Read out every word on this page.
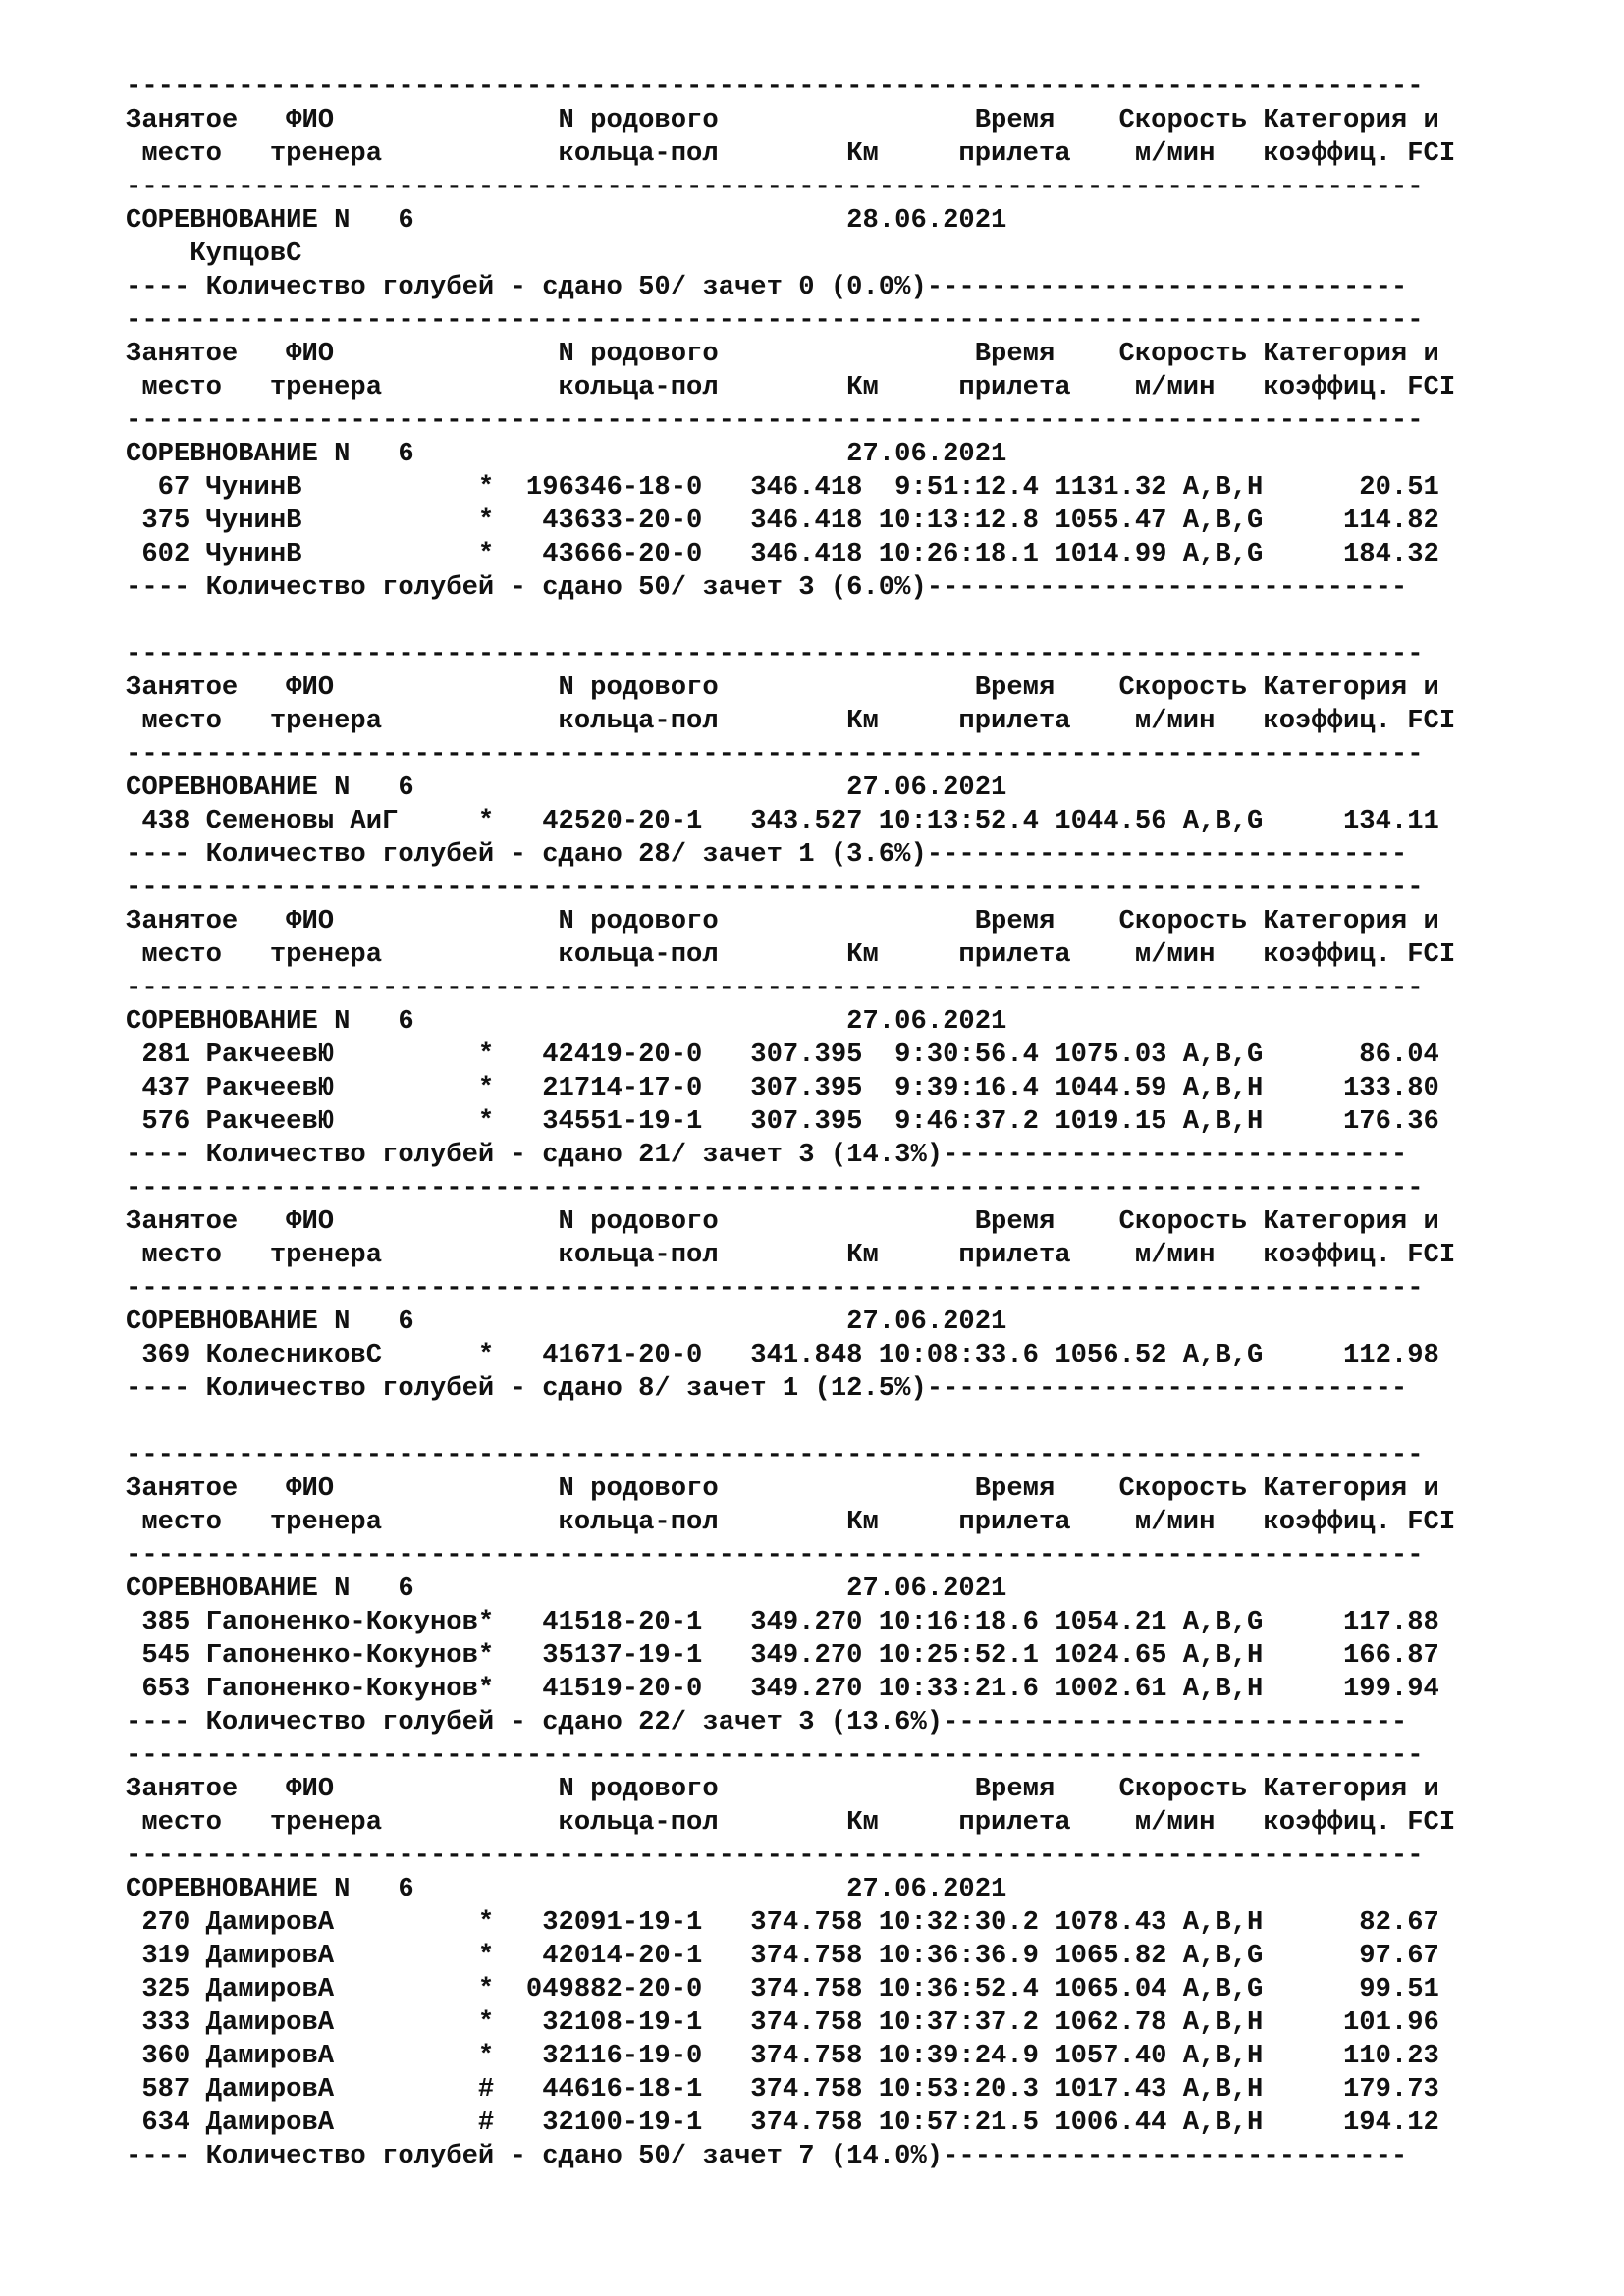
---------------------------------------------------------------------------------
Занятое   ФИО              N родового                Время    Скорость Категория и
место   тренера           кольца-пол        Км     прилета    м/мин   коэффиц. FCI
---------------------------------------------------------------------------------
СОРЕВНОВАНИЕ N   6                           28.06.2021
КупцовС
---- Количество голубей - сдано 50/ зачет 0 (0.0%)------------------------------
---------------------------------------------------------------------------------
Занятое   ФИО              N родового                Время    Скорость Категория и
место   тренера           кольца-пол        Км     прилета    м/мин   коэффиц. FCI
---------------------------------------------------------------------------------
СОРЕВНОВАНИЕ N   6                           27.06.2021
67 ЧунинВ           *  196346-18-0   346.418  9:51:12.4 1131.32 A,B,H      20.51
375 ЧунинВ           *   43633-20-0   346.418 10:13:12.8 1055.47 A,B,G     114.82
602 ЧунинВ           *   43666-20-0   346.418 10:26:18.1 1014.99 A,B,G     184.32
---- Количество голубей - сдано 50/ зачет 3 (6.0%)------------------------------
---------------------------------------------------------------------------------
Занятое   ФИО              N родового                Время    Скорость Категория и
место   тренера           кольца-пол        Км     прилета    м/мин   коэффиц. FCI
---------------------------------------------------------------------------------
СОРЕВНОВАНИЕ N   6                           27.06.2021
438 Семеновы АиГ     *   42520-20-1   343.527 10:13:52.4 1044.56 A,B,G     134.11
---- Количество голубей - сдано 28/ зачет 1 (3.6%)------------------------------
---------------------------------------------------------------------------------
Занятое   ФИО              N родового                Время    Скорость Категория и
место   тренера           кольца-пол        Км     прилета    м/мин   коэффиц. FCI
---------------------------------------------------------------------------------
СОРЕВНОВАНИЕ N   6                           27.06.2021
281 РакчеевЮ         *   42419-20-0   307.395  9:30:56.4 1075.03 A,B,G      86.04
437 РакчеевЮ         *   21714-17-0   307.395  9:39:16.4 1044.59 A,B,H     133.80
576 РакчеевЮ         *   34551-19-1   307.395  9:46:37.2 1019.15 A,B,H     176.36
---- Количество голубей - сдано 21/ зачет 3 (14.3%)-----------------------------
---------------------------------------------------------------------------------
Занятое   ФИО              N родового                Время    Скорость Категория и
место   тренера           кольца-пол        Км     прилета    м/мин   коэффиц. FCI
---------------------------------------------------------------------------------
СОРЕВНОВАНИЕ N   6                           27.06.2021
369 КолесниковС      *   41671-20-0   341.848 10:08:33.6 1056.52 A,B,G     112.98
---- Количество голубей - сдано 8/ зачет 1 (12.5%)------------------------------
---------------------------------------------------------------------------------
Занятое   ФИО              N родового                Время    Скорость Категория и
место   тренера           кольца-пол        Км     прилета    м/мин   коэффиц. FCI
---------------------------------------------------------------------------------
СОРЕВНОВАНИЕ N   6                           27.06.2021
385 Гапоненко-Кокунов*   41518-20-1   349.270 10:16:18.6 1054.21 A,B,G     117.88
545 Гапоненко-Кокунов*   35137-19-1   349.270 10:25:52.1 1024.65 A,B,H     166.87
653 Гапоненко-Кокунов*   41519-20-0   349.270 10:33:21.6 1002.61 A,B,H     199.94
---- Количество голубей - сдано 22/ зачет 3 (13.6%)-----------------------------
---------------------------------------------------------------------------------
Занятое   ФИО              N родового                Время    Скорость Категория и
место   тренера           кольца-пол        Км     прилета    м/мин   коэффиц. FCI
---------------------------------------------------------------------------------
СОРЕВНОВАНИЕ N   6                           27.06.2021
270 ДамировА         *   32091-19-1   374.758 10:32:30.2 1078.43 A,B,H      82.67
319 ДамировА         *   42014-20-1   374.758 10:36:36.9 1065.82 A,B,G      97.67
325 ДамировА         *  049882-20-0   374.758 10:36:52.4 1065.04 A,B,G      99.51
333 ДамировА         *   32108-19-1   374.758 10:37:37.2 1062.78 A,B,H     101.96
360 ДамировА         *   32116-19-0   374.758 10:39:24.9 1057.40 A,B,H     110.23
587 ДамировА         #   44616-18-1   374.758 10:53:20.3 1017.43 A,B,H     179.73
634 ДамировА         #   32100-19-1   374.758 10:57:21.5 1006.44 A,B,H     194.12
---- Количество голубей - сдано 50/ зачет 7 (14.0%)-----------------------------
